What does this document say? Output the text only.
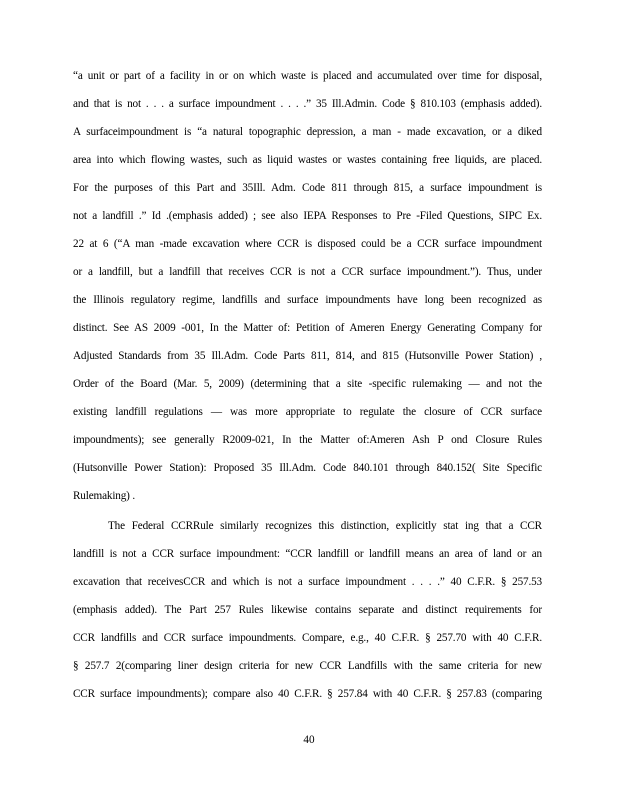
“a unit or part of a facility in or on which waste is placed and accumulated over time for disposal,
and that is not . . . a surface impoundment . . . .” 35 Ill.Admin. Code § 810.103 (emphasis added).
A surfaceimpoundment is “a natural topographic depression, a man - made excavation, or a diked
area into which flowing wastes, such as liquid wastes or wastes containing free liquids, are placed.
For the purposes of this Part and 35Ill. Adm. Code 811 through 815, a surface impoundment is
not a landfill .” Id .(emphasis added) ; see also IEPA Responses to Pre -Filed Questions, SIPC Ex.
22 at 6 (“A man -made excavation where CCR is disposed could be a CCR surface impoundment
or a landfill, but a landfill that receives CCR is not a CCR surface impoundment.”). Thus, under
the Illinois regulatory regime, landfills and surface impoundments have long been recognized as
distinct. See AS 2009 -001, In the Matter of: Petition of Ameren Energy Generating Company for
Adjusted Standards from 35 Ill.Adm. Code Parts 811, 814, and 815 (Hutsonville Power Station) ,
Order of the Board (Mar. 5, 2009) (determining that a site -specific rulemaking — and not the
existing landfill regulations — was more appropriate to regulate the closure of CCR surface
impoundments); see generally R2009-021, In the Matter of:Ameren Ash P ond Closure Rules
(Hutsonville Power Station): Proposed 35 Ill.Adm. Code 840.101 through 840.152( Site Specific
Rulemaking) .
The Federal CCRRule similarly recognizes this distinction, explicitly stat ing that a CCR
landfill is not a CCR surface impoundment: “CCR landfill or landfill means an area of land or an
excavation that receivesCCR and which is not a surface impoundment . . . .” 40 C.F.R. § 257.53
(emphasis added). The Part 257 Rules likewise contains separate and distinct requirements for
CCR landfills and CCR surface impoundments. Compare, e.g., 40 C.F.R. § 257.70 with 40 C.F.R.
§ 257.7 2(comparing liner design criteria for new CCR Landfills with the same criteria for new
CCR surface impoundments); compare also 40 C.F.R. § 257.84 with 40 C.F.R. § 257.83 (comparing
40
